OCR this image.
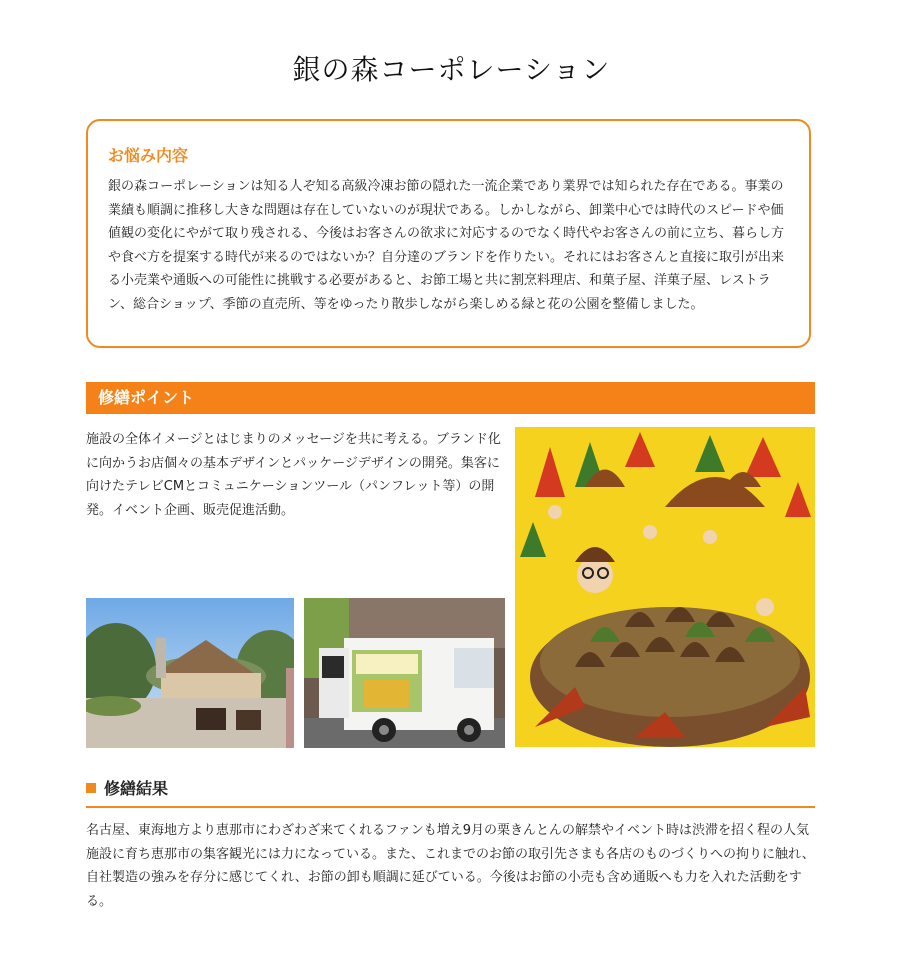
銀の森コーポレーション
お悩み内容

銀の森コーポレーションは知る人ぞ知る高級冷凍お節の隠れた一流企業であり業界では知られた存在である。事業の業績も順調に推移し大きな問題は存在していないのが現状である。しかしながら、卸業中心では時代のスピードや価値観の変化にやがて取り残される、今後はお客さんの欲求に対応するのでなく時代やお客さんの前に立ち、暮らし方や食べ方を提案する時代が来るのではないか？自分達のブランドを作りたい。それにはお客さんと直接に取引が出来る小売業や通販への可能性に挑戦する必要があると、お節工場と共に割烹料理店、和菓子屋、洋菓子屋、レストラン、総合ショップ、季節の直売所、等をゆったり散歩しながら楽しめる緑と花の公園を整備しました。

修繕ポイント

施設の全体イメージとはじまりのメッセージを共に考える。ブランド化に向かうお店個々の基本デザインとパッケージデザインの開発。集客に向けたテレビCMとコミュニケーションツール（パンフレット等）の開発。イベント企画、販売促進活動。

修繕結果

名古屋、東海地方より恵那市にわざわざ来てくれるファンも増え9月の栗きんとんの解禁やイベント時は渋滞を招く程の人気施設に育ち恵那市の集客観光には力になっている。また、これまでのお節の取引先さまも各店のものづくりへの拘りに触れ、自社製造の強みを存分に感じてくれ、お節の卸も順調に延びている。今後はお節の小売も含め通販へも力を入れた活動をする。
